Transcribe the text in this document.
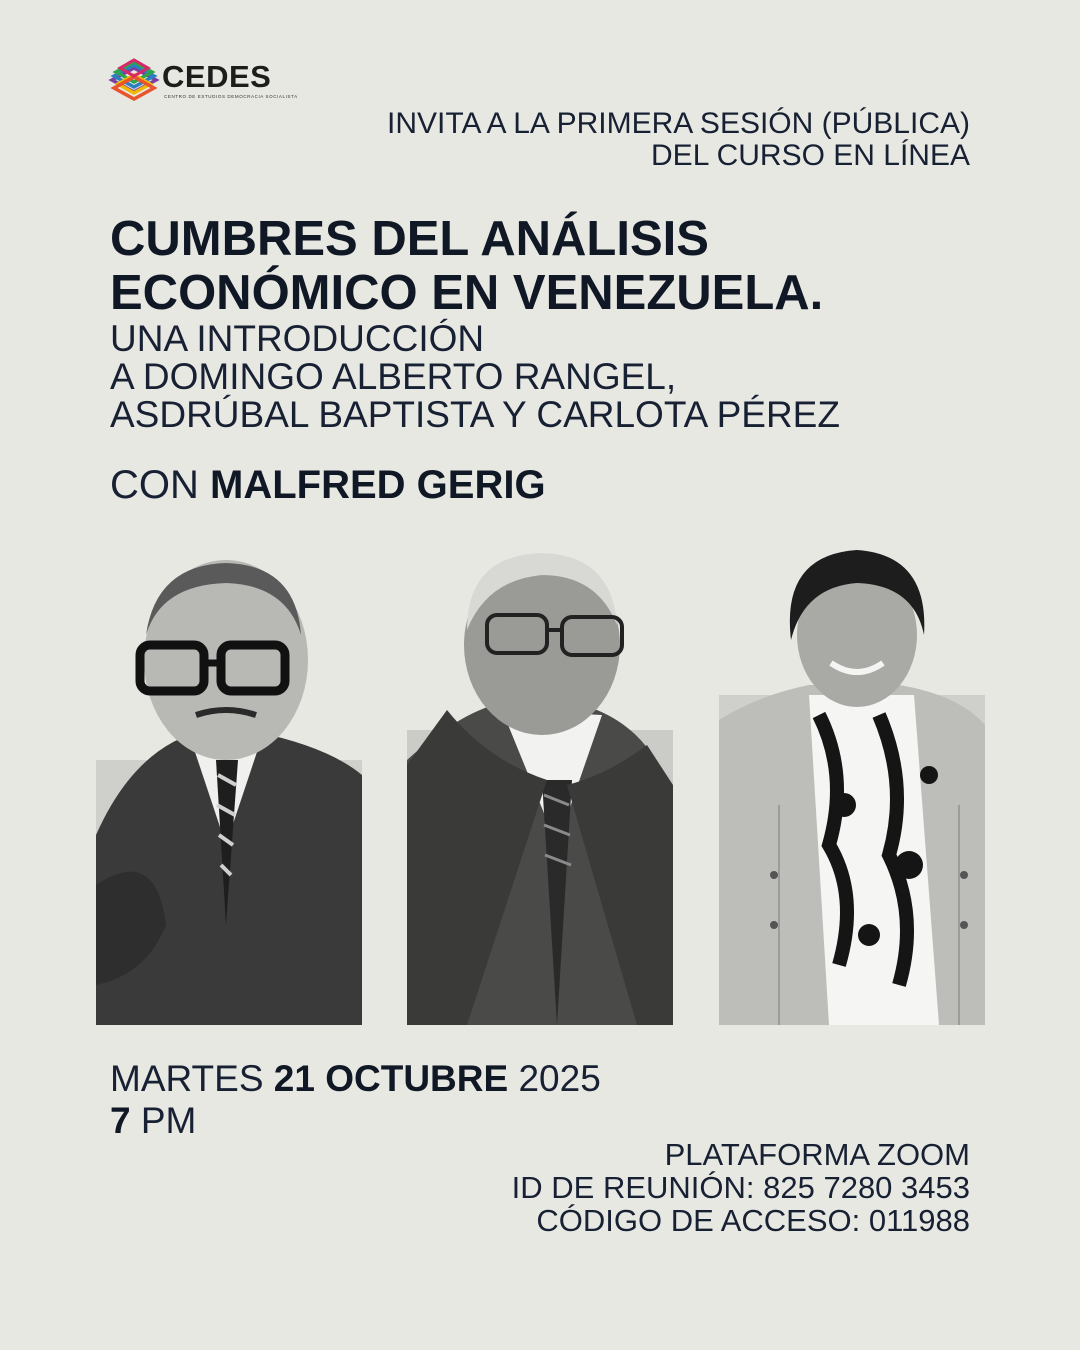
CEDES
CENTRO DE ESTUDIOS DEMOCRACIA SOCIALISTA
INVITA A LA PRIMERA SESIÓN (PÚBLICA)
DEL CURSO EN LÍNEA
CUMBRES DEL ANÁLISIS
ECONÓMICO EN VENEZUELA.
UNA INTRODUCCIÓN
A DOMINGO ALBERTO RANGEL,
ASDRÚBAL BAPTISTA Y CARLOTA PÉREZ
CON MALFRED GERIG
MARTES 21 OCTUBRE 2025
7 PM
PLATAFORMA ZOOM
ID DE REUNIÓN: 825 7280 3453
CÓDIGO DE ACCESO: 011988
